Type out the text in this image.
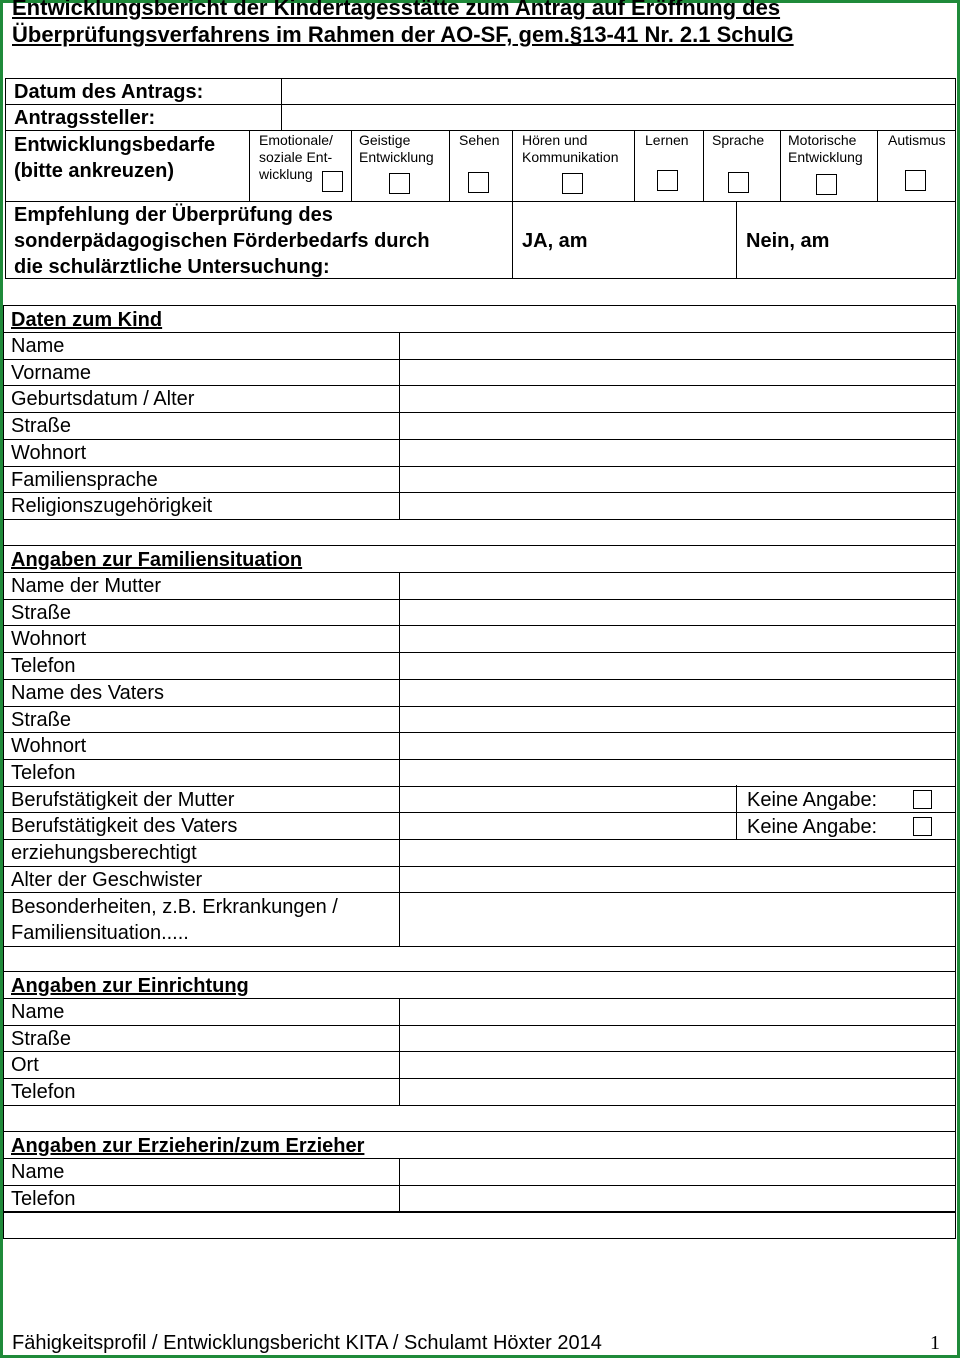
Entwicklungsbericht der Kindertagesstätte zum Antrag auf Eröffnung des
Überprüfungsverfahrens im Rahmen der AO-SF, gem.§13-41 Nr. 2.1 SchulG
Datum des Antrags:
Antragssteller:
Entwicklungsbedarfe
(bitte ankreuzen)
Emotionale/
soziale Ent-
wicklung
Geistige
Entwicklung
Sehen Hören und
Kommunikation
Lernen Sprache Motorische
Entwicklung
Autismus
Empfehlung der Überprüfung des
sonderpädagogischen Förderbedarfs durch
die schulärztliche Untersuchung:
JA, am	Nein, am
Name
Vorname
Geburtsdatum / Alter
Straße
Wohnort
Familiensprache
Religionszugehörigkeit
Name der Mutter
Straße
Wohnort
Telefon
Name des Vaters
Straße
Wohnort
Telefon
Berufstätigkeit der Mutter
Berufstätigkeit des Vaters
erziehungsberechtigt
Alter der Geschwister
Name
Straße
Ort
Telefon
Name
Telefon
Daten zum Kind
Angaben zur Familiensituation
Angaben zur Einrichtung
Angaben zur Erzieherin/zum Erzieher
Keine Angabe:
Keine Angabe:
Besonderheiten, z.B. Erkrankungen /
Familiensituation.....
Fähigkeitsprofil / Entwicklungsbericht KITA / Schulamt Höxter 2014	1
